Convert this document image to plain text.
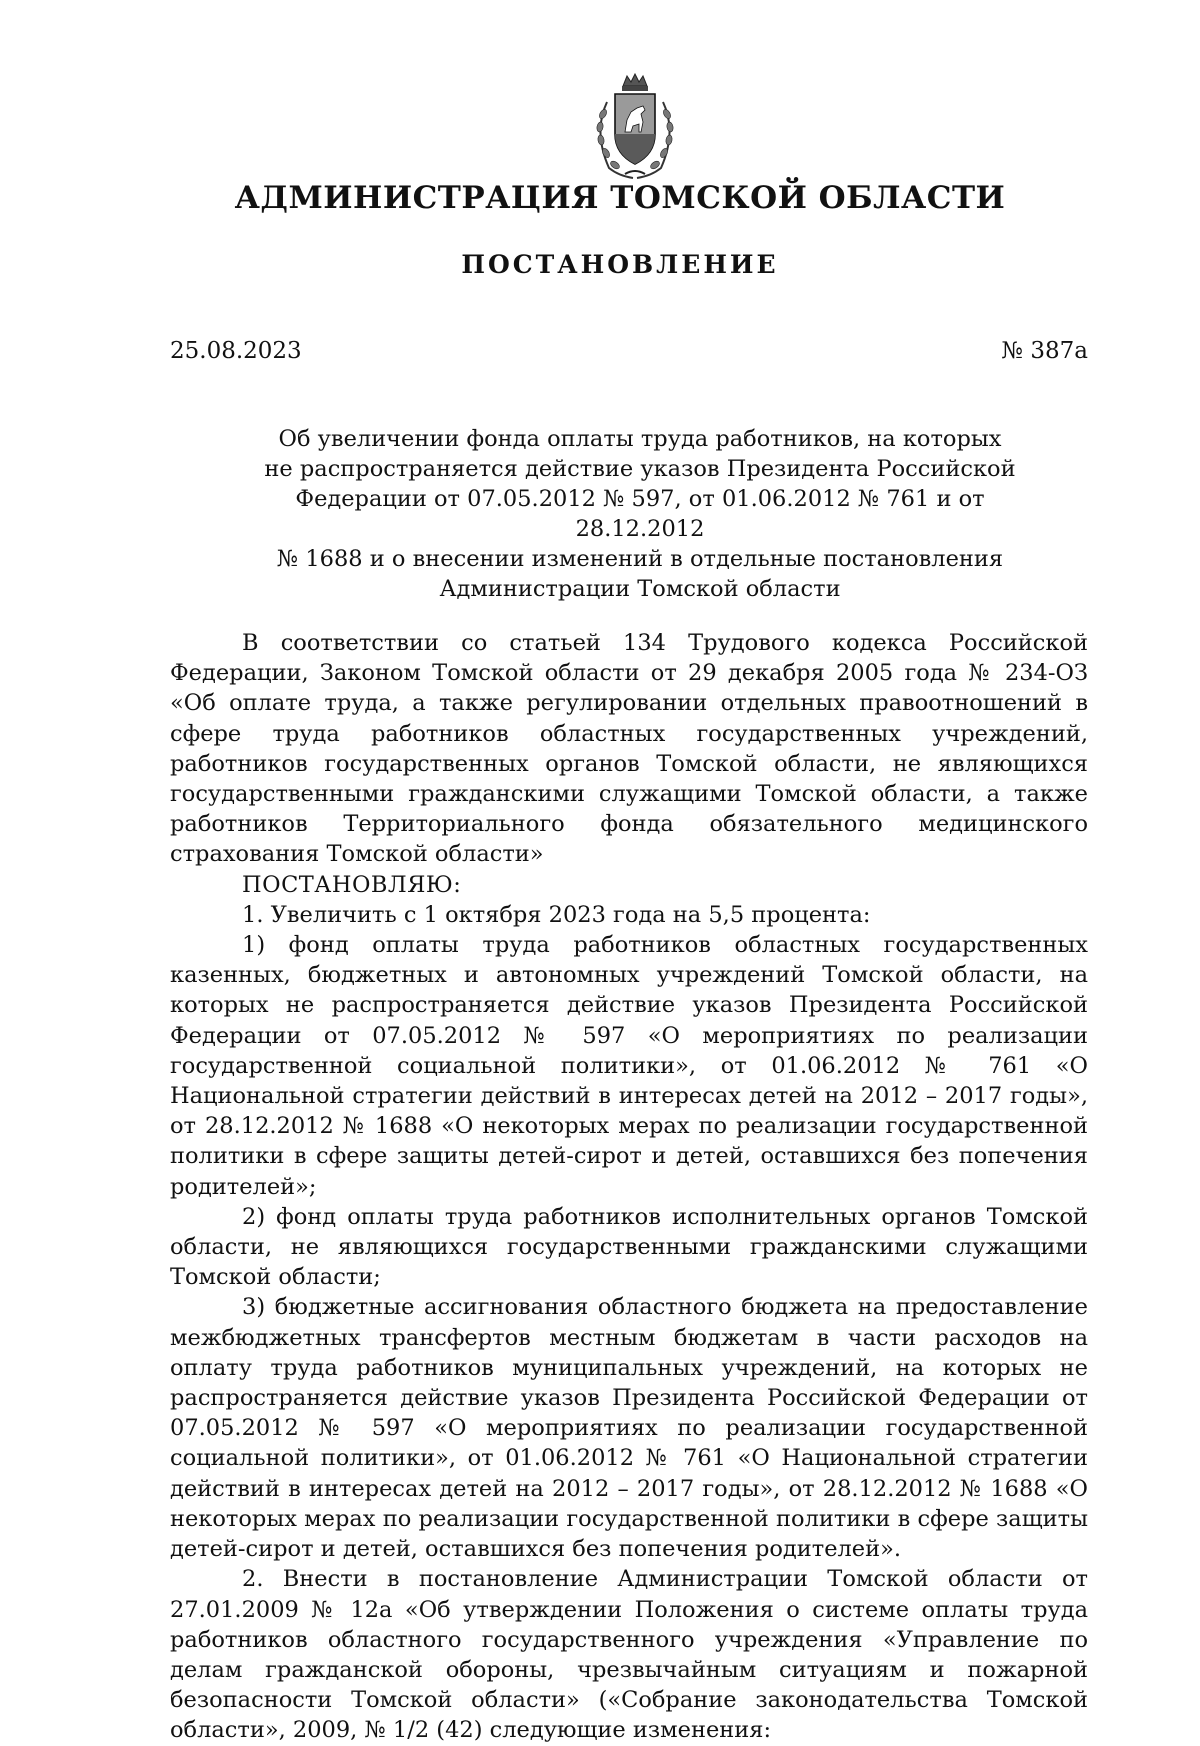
АДМИНИСТРАЦИЯ ТОМСКОЙ ОБЛАСТИ
ПОСТАНОВЛЕНИЕ
25.08.2023	№ 387а
Об увеличении фонда оплаты труда работников, на которых
не распространяется действие указов Президента Российской
Федерации от 07.05.2012 № 597, от 01.06.2012 № 761 и от 28.12.2012
№ 1688 и о внесении изменений в отдельные постановления
Администрации Томской области

В соответствии со статьей 134 Трудового кодекса Российской Федерации, Законом Томской области от 29 декабря 2005 года № 234-ОЗ «Об оплате труда, а также регулировании отдельных правоотношений в сфере труда работников областных государственных учреждений, работников государственных органов Томской области, не являющихся государственными гражданскими служащими Томской области, а также работников Территориального фонда обязательного медицинского страхования Томской области»

ПОСТАНОВЛЯЮ:

1. Увеличить с 1 октября 2023 года на 5,5 процента:

1) фонд оплаты труда работников областных государственных казенных, бюджетных и автономных учреждений Томской области, на которых не распространяется действие указов Президента Российской Федерации от 07.05.2012 № 597 «О мероприятиях по реализации государственной социальной политики», от 01.06.2012 № 761 «О Национальной стратегии действий в интересах детей на 2012 – 2017 годы», от 28.12.2012 № 1688 «О некоторых мерах по реализации государственной политики в сфере защиты детей-сирот и детей, оставшихся без попечения родителей»;

2) фонд оплаты труда работников исполнительных органов Томской области, не являющихся государственными гражданскими служащими Томской области;

3) бюджетные ассигнования областного бюджета на предоставление межбюджетных трансфертов местным бюджетам в части расходов на оплату труда работников муниципальных учреждений, на которых не распространяется действие указов Президента Российской Федерации от 07.05.2012 № 597 «О мероприятиях по реализации государственной социальной политики», от 01.06.2012 № 761 «О Национальной стратегии действий в интересах детей на 2012 – 2017 годы», от 28.12.2012 № 1688 «О некоторых мерах по реализации государственной политики в сфере защиты детей-сирот и детей, оставшихся без попечения родителей».

2. Внести в постановление Администрации Томской области от 27.01.2009 № 12а «Об утверждении Положения о системе оплаты труда работников областного государственного учреждения «Управление по делам гражданской обороны, чрезвычайным ситуациям и пожарной безопасности Томской области» («Собрание законодательства Томской области», 2009, № 1/2 (42) следующие изменения:
